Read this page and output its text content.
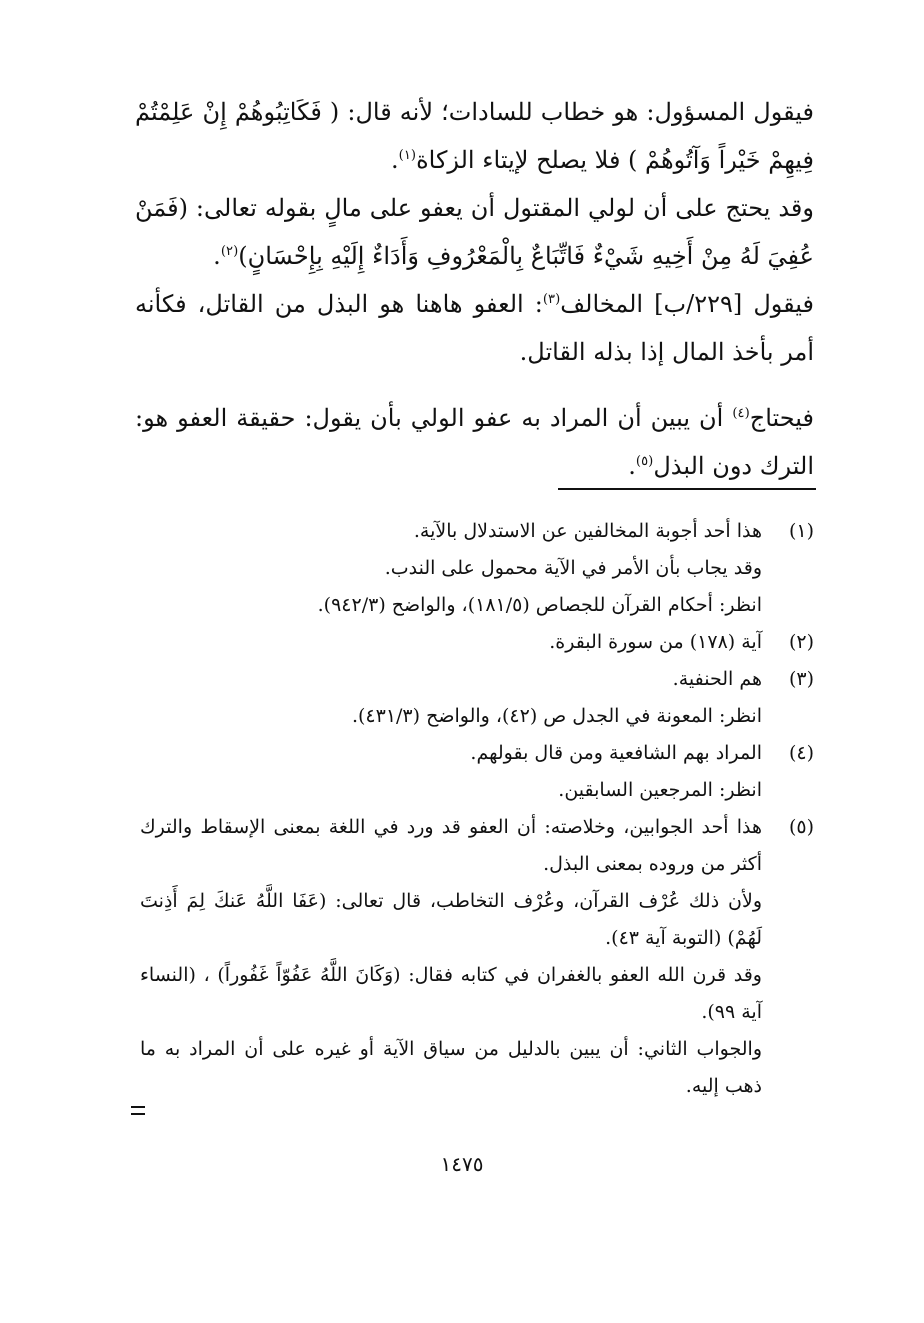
فيقول المسؤول: هو خطاب للسادات؛ لأنه قال: ( فَكَاتِبُوهُمْ إِنْ عَلِمْتُمْ فِيهِمْ خَيْراً وَآتُوهُمْ ) فلا يصلح لإيتاء الزكاة$^{(١)}$.

وقد يحتج على أن لولي المقتول أن يعفو على مالٍ بقوله تعالى: (فَمَنْ عُفِيَ لَهُ مِنْ أَخِيهِ شَيْءٌ فَاتِّبَاعٌ بِالْمَعْرُوفِ وَأَدَاءٌ إِلَيْهِ بِإِحْسَانٍ)$^{(٢)}$.

فيقول [٢٢٩/ب] المخالف$^{(٣)}$: العفو هاهنا هو البذل من القاتل، فكأنه أمر بأخذ المال إذا بذله القاتل.

فيحتاج$^{(٤)}$ أن يبين أن المراد به عفو الولي بأن يقول: حقيقة العفو هو: الترك دون البذل$^{(٥)}$.

(١)
هذا أحد أجوبة المخالفين عن الاستدلال بالآية.
وقد يجاب بأن الأمر في الآية محمول على الندب.
انظر: أحكام القرآن للجصاص (١٨١/٥)، والواضح (٩٤٢/٣).
(٢)
آية (١٧٨) من سورة البقرة.
(٣)
هم الحنفية.
انظر: المعونة في الجدل ص (٤٢)، والواضح (٤٣١/٣).
(٤)
المراد بهم الشافعية ومن قال بقولهم.
انظر: المرجعين السابقين.
(٥)
هذا أحد الجوابين، وخلاصته: أن العفو قد ورد في اللغة بمعنى الإسقاط والترك أكثر من وروده بمعنى البذل.
ولأن ذلك عُرْف القرآن، وعُرْف التخاطب، قال تعالى: (عَفَا اللَّهُ عَنكَ لِمَ أَذِنتَ لَهُمْ) (التوبة آية ٤٣).
وقد قرن الله العفو بالغفران في كتابه فقال: (وَكَانَ اللَّهُ عَفُوّاً غَفُوراً) ، (النساء آية ٩٩).
والجواب الثاني: أن يبين بالدليل من سياق الآية أو غيره على أن المراد به ما ذهب إليه.
١٤٧٥
